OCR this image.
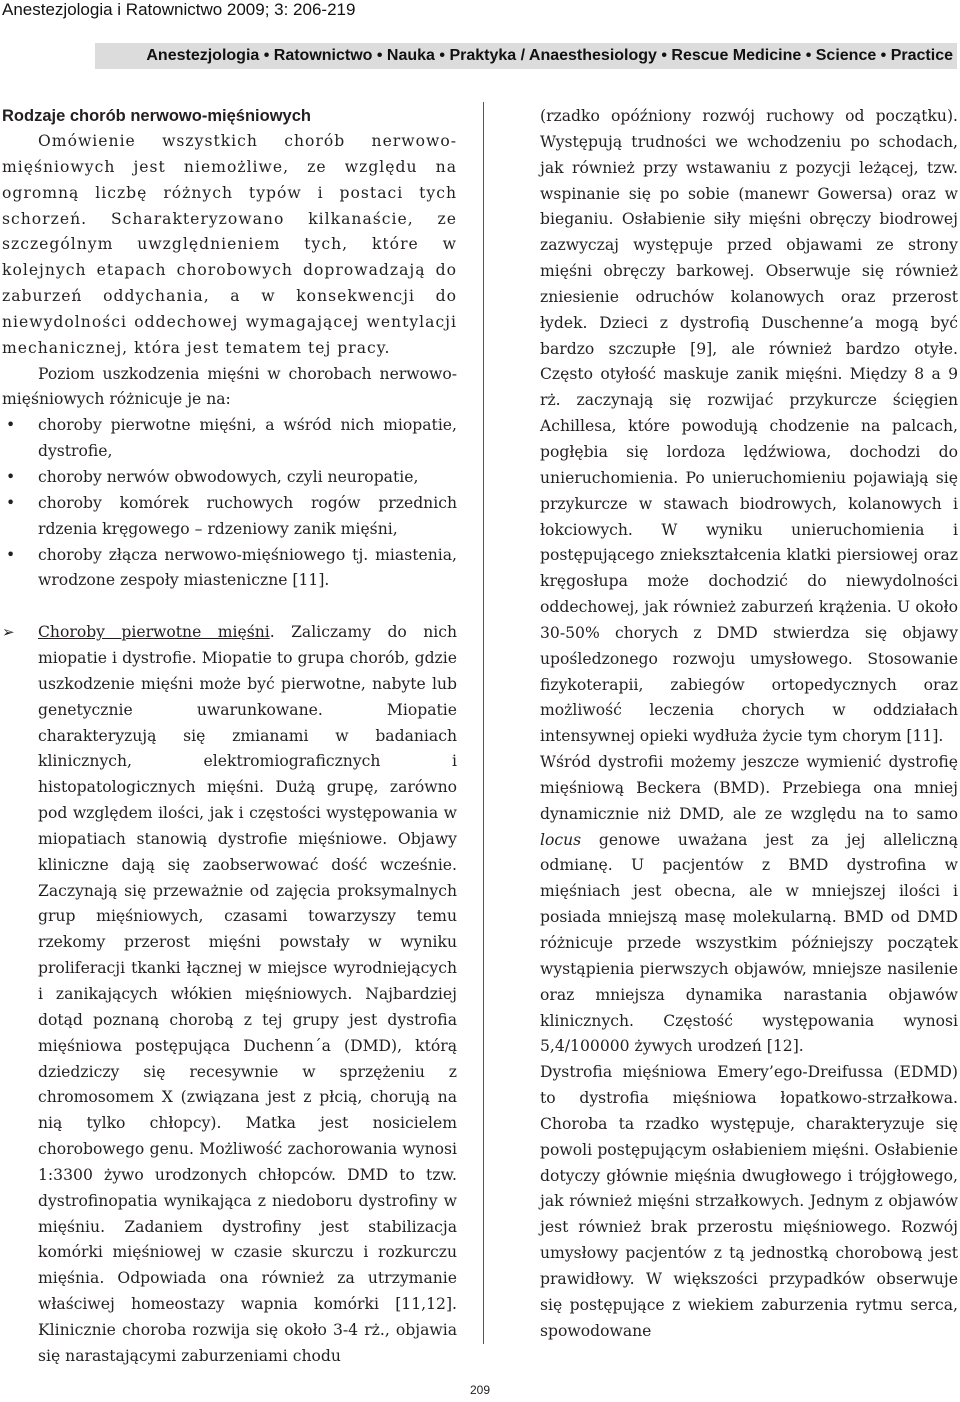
Anestezjologia i Ratownictwo 2009; 3: 206-219
Anestezjologia • Ratownictwo • Nauka • Praktyka / Anaesthesiology • Rescue Medicine • Science • Practice
Rodzaje chorób nerwowo-mięśniowych

Omówienie wszystkich chorób nerwowo-mięśniowych jest niemożliwe, ze względu na ogromną liczbę różnych typów i postaci tych schorzeń. Scharakteryzowano kilkanaście, ze szczególnym uwzględnieniem tych, które w kolejnych etapach chorobowych doprowadzają do zaburzeń oddychania, a w konsekwencji do niewydolności oddechowej wymagającej wentylacji mechanicznej, która jest tematem tej pracy.

Poziom uszkodzenia mięśni w chorobach nerwowo-mięśniowych różnicuje je na:

• choroby pierwotne mięśni, a wśród nich miopatie, dystrofie,
• choroby nerwów obwodowych, czyli neuropatie,
• choroby komórek ruchowych rogów przednich rdzenia kręgowego – rdzeniowy zanik mięśni,
• choroby złącza nerwowo-mięśniowego tj. miastenia, wrodzone zespoły miasteniczne [11].
➢ Choroby pierwotne mięśni. Zaliczamy do nich miopatie i dystrofie. Miopatie to grupa chorób, gdzie uszkodzenie mięśni może być pierwotne, nabyte lub genetycznie uwarunkowane. Miopatie charakteryzują się zmianami w badaniach klinicznych, elektromiograficznych i histopatologicznych mięśni. Dużą grupę, zarówno pod względem ilości, jak i częstości występowania w miopatiach stanowią dystrofie mięśniowe. Objawy kliniczne dają się zaobserwować dość wcześnie. Zaczynają się przeważnie od zajęcia proksymalnych grup mięśniowych, czasami towarzyszy temu rzekomy przerost mięśni powstały w wyniku proliferacji tkanki łącznej w miejsce wyrodniejących i zanikających włókien mięśniowych. Najbardziej dotąd poznaną chorobą z tej grupy jest dystrofia mięśniowa postępująca Duchenn´a (DMD), którą dziedziczy się recesywnie w sprzężeniu z chromosomem X (związana jest z płcią, chorują na nią tylko chłopcy). Matka jest nosicielem chorobowego genu. Możliwość zachorowania wynosi 1:3300 żywo urodzonych chłopców. DMD to tzw. dystrofinopatia wynikająca z niedoboru dystrofiny w mięśniu. Zadaniem dystrofiny jest stabilizacja komórki mięśniowej w czasie skurczu i rozkurczu mięśnia. Odpowiada ona również za utrzymanie właściwej homeostazy wapnia komórki [11,12]. Klinicznie choroba rozwija się około 3-4 rż., objawia się narastającymi zaburzeniami chodu

(rzadko opóźniony rozwój ruchowy od początku). Występują trudności we wchodzeniu po schodach, jak również przy wstawaniu z pozycji leżącej, tzw. wspinanie się po sobie (manewr Gowersa) oraz w bieganiu. Osłabienie siły mięśni obręczy biodrowej zazwyczaj występuje przed objawami ze strony mięśni obręczy barkowej. Obserwuje się również zniesienie odruchów kolanowych oraz przerost łydek. Dzieci z dystrofią Duschenne’a mogą być bardzo szczupłe [9], ale również bardzo otyłe. Często otyłość maskuje zanik mięśni. Między 8 a 9 rż. zaczynają się rozwijać przykurcze ścięgien Achillesa, które powodują chodzenie na palcach, pogłębia się lordoza lędźwiowa, dochodzi do unieruchomienia. Po unieruchomieniu pojawiają się przykurcze w stawach biodrowych, kolanowych i łokciowych. W wyniku unieruchomienia i postępującego zniekształcenia klatki piersiowej oraz kręgosłupa może dochodzić do niewydolności oddechowej, jak również zaburzeń krążenia. U około 30-50% chorych z DMD stwierdza się objawy upośledzonego rozwoju umysłowego. Stosowanie fizykoterapii, zabiegów ortopedycznych oraz możliwość leczenia chorych w oddziałach intensywnej opieki wydłuża życie tym chorym [11].

Wśród dystrofii możemy jeszcze wymienić dystrofię mięśniową Beckera (BMD). Przebiega ona mniej dynamicznie niż DMD, ale ze względu na to samo locus genowe uważana jest za jej alleliczną odmianę. U pacjentów z BMD dystrofina w mięśniach jest obecna, ale w mniejszej ilości i posiada mniejszą masę molekularną. BMD od DMD różnicuje przede wszystkim późniejszy początek wystąpienia pierwszych objawów, mniejsze nasilenie oraz mniejsza dynamika narastania objawów klinicznych. Częstość występowania wynosi 5,4/100000 żywych urodzeń [12].

Dystrofia mięśniowa Emery’ego-Dreifussa (EDMD) to dystrofia mięśniowa łopatkowo-strzałkowa. Choroba ta rzadko występuje, charakteryzuje się powoli postępującym osłabieniem mięśni. Osłabienie dotyczy głównie mięśnia dwugłowego i trójgłowego, jak również mięśni strzałkowych. Jednym z objawów jest również brak przerostu mięśniowego. Rozwój umysłowy pacjentów z tą jednostką chorobową jest prawidłowy. W większości przypadków obserwuje się postępujące z wiekiem zaburzenia rytmu serca, spowodowane

209
